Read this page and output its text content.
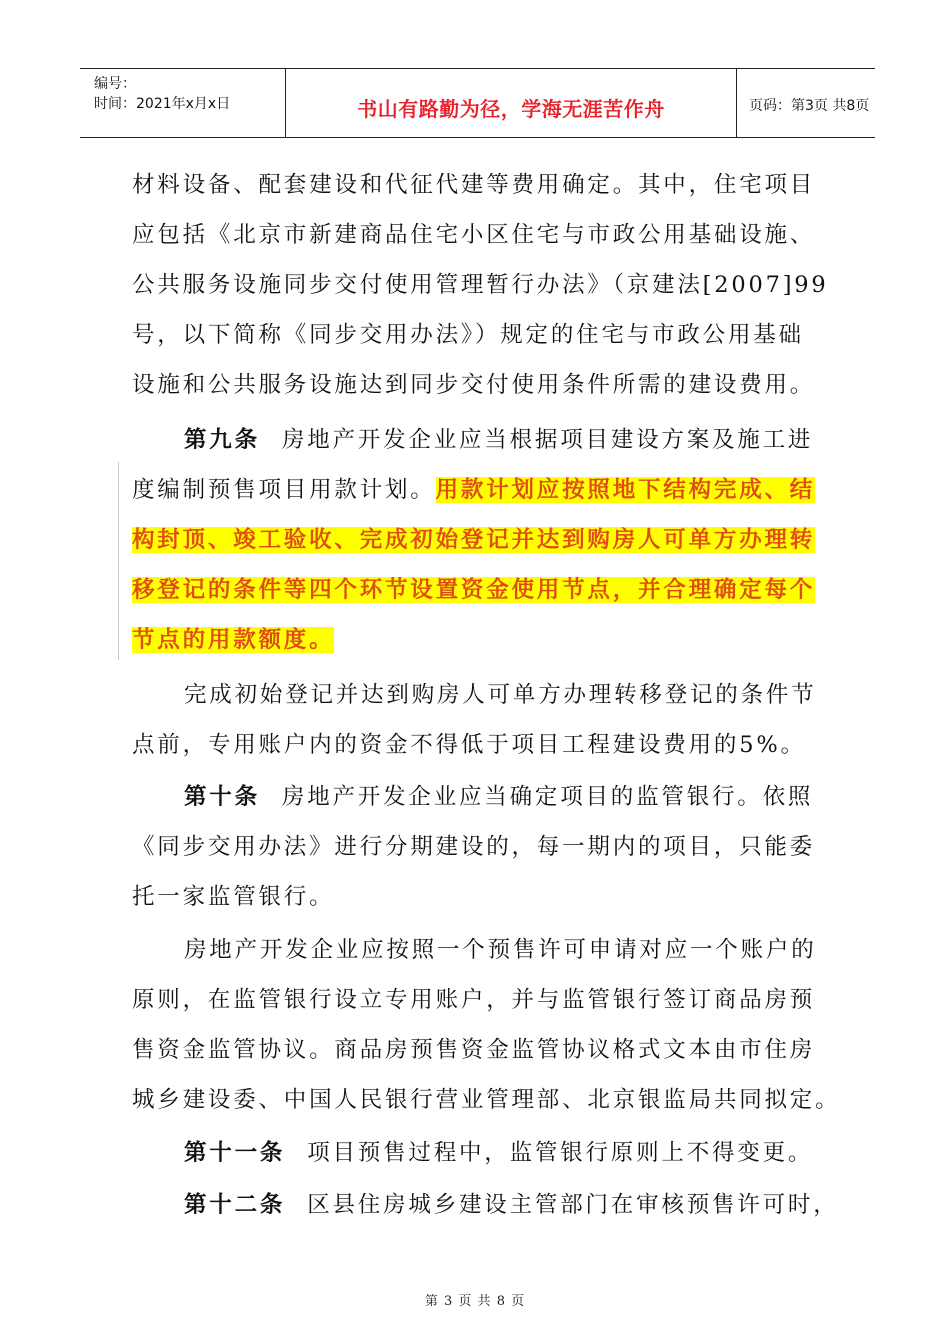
编号：
时间：2021年x月x日	书山有路勤为径，学海无涯苦作舟	页码：第3页 共8页
材料设备、配套建设和代征代建等费用确定。其中，住宅项目
应包括《北京市新建商品住宅小区住宅与市政公用基础设施、
公共服务设施同步交付使用管理暂行办法》（京建法[2007]99
号，以下简称《同步交用办法》）规定的住宅与市政公用基础
设施和公共服务设施达到同步交付使用条件所需的建设费用。
第九条 房地产开发企业应当根据项目建设方案及施工进
度编制预售项目用款计划。用款计划应按照地下结构完成、结
构封顶、竣工验收、完成初始登记并达到购房人可单方办理转
移登记的条件等四个环节设置资金使用节点，并合理确定每个
节点的用款额度。
完成初始登记并达到购房人可单方办理转移登记的条件节
点前，专用账户内的资金不得低于项目工程建设费用的5%。
第十条 房地产开发企业应当确定项目的监管银行。依照
《同步交用办法》进行分期建设的，每一期内的项目，只能委
托一家监管银行。
房地产开发企业应按照一个预售许可申请对应一个账户的
原则，在监管银行设立专用账户，并与监管银行签订商品房预
售资金监管协议。商品房预售资金监管协议格式文本由市住房
城乡建设委、中国人民银行营业管理部、北京银监局共同拟定。
第十一条 项目预售过程中，监管银行原则上不得变更。
第十二条 区县住房城乡建设主管部门在审核预售许可时，
第 3 页 共 8 页
